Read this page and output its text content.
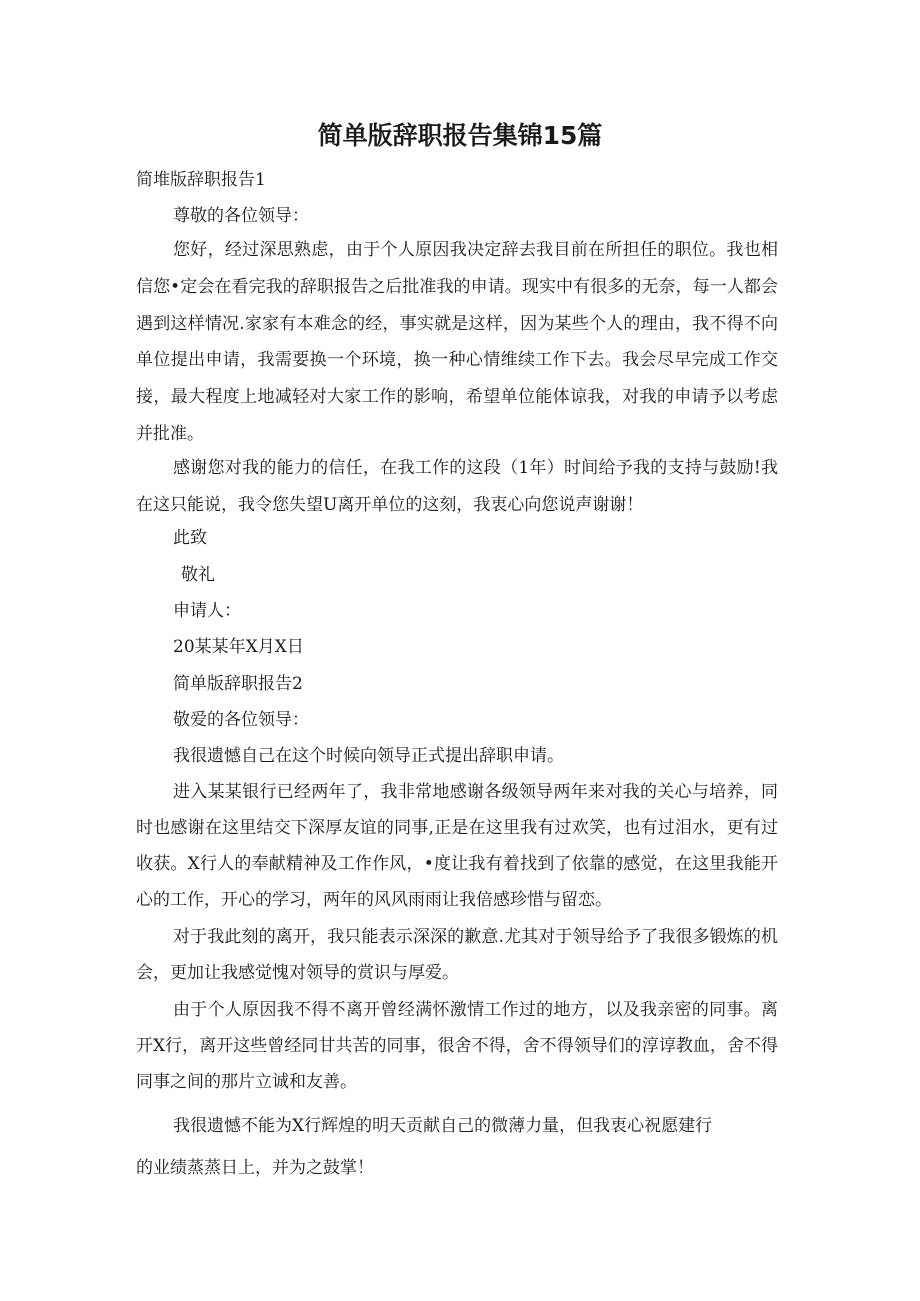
简单版辞职报告集锦15篇

简堆版辞职报告1

尊敬的各位领导：

您好，经过深思熟虑，由于个人原因我决定辞去我目前在所担任的职位。我也相信您•定会在看完我的辞职报告之后批准我的申请。现实中有很多的无奈，每一人都会遇到这样情况.家家有本难念的经，事实就是这样，因为某些个人的理由，我不得不向单位提出申请，我需要换一个环境，换一种心情维续工作下去。我会尽早完成工作交接，最大程度上地减轻对大家工作的影响，希望单位能体谅我，对我的申请予以考虑并批准。

感谢您对我的能力的信任，在我工作的这段（1年）时间给予我的支持与鼓励!我在这只能说，我令您失望U离开单位的这刻，我衷心向您说声谢谢！

此致

敬礼

申请人：

20某某年X月X日

简单版辞职报告2

敬爱的各位领导：

我很遗憾自己在这个时候向领导正式提出辞职申请。

进入某某银行已经两年了，我非常地感谢各级领导两年来对我的关心与培养，同时也感谢在这里结交下深厚友谊的同事,正是在这里我有过欢笑，也有过泪水，更有过收获。X行人的奉献精神及工作作风，•度让我有着找到了依靠的感觉，在这里我能开心的工作，开心的学习，两年的风风雨雨让我倍感珍惜与留恋。

对于我此刻的离开，我只能表示深深的歉意.尤其对于领导给予了我很多锻炼的机会，更加让我感觉愧对领导的赏识与厚爱。

由于个人原因我不得不离开曾经满怀激情工作过的地方，以及我亲密的同事。离开X行，离开这些曾经同甘共苦的同事，很舍不得，舍不得领导们的淳谆教血，舍不得同事之间的那片立诚和友善。

我很遗憾不能为X行辉煌的明天贡献自己的微薄力量，但我衷心祝愿建行

的业绩蒸蒸日上，并为之鼓掌！
